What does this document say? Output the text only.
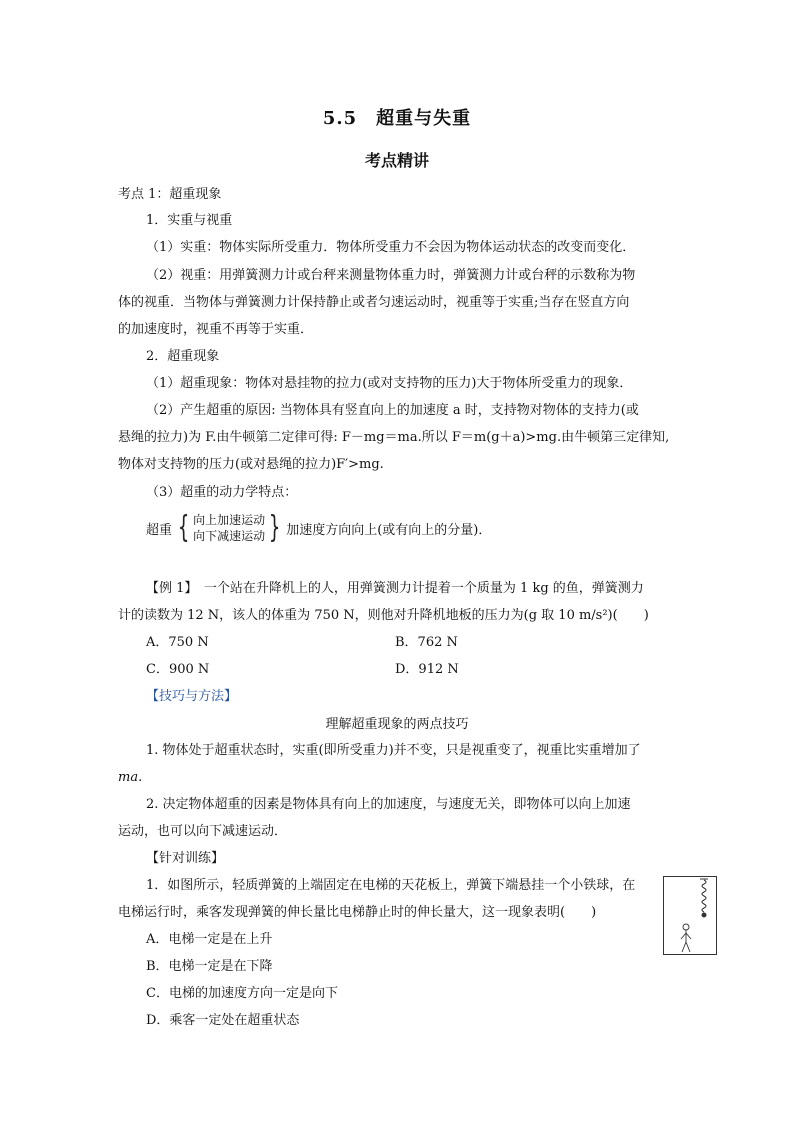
5.5　超重与失重
考点精讲
考点 1：超重现象
1．实重与视重
（1）实重：物体实际所受重力．物体所受重力不会因为物体运动状态的改变而变化．
（2）视重：用弹簧测力计或台秤来测量物体重力时，弹簧测力计或台秤的示数称为物
体的视重．当物体与弹簧测力计保持静止或者匀速运动时，视重等于实重;当存在竖直方向
的加速度时，视重不再等于实重．
2．超重现象
（1）超重现象：物体对悬挂物的拉力(或对支持物的压力)大于物体所受重力的现象．
（2）产生超重的原因: 当物体具有竖直向上的加速度 a 时，支持物对物体的支持力(或
悬绳的拉力)为 F.由牛顿第二定律可得: F－mg＝ma.所以 F＝m(g＋a)>mg.由牛顿第三定律知,
物体对支持物的压力(或对悬绳的拉力)F′>mg.
（3）超重的动力学特点：
超重 { 向上加速运动
向下减速运动 } 加速度方向向上(或有向上的分量)．
【例 1】　一个站在升降机上的人，用弹簧测力计提着一个质量为 1 kg 的鱼，弹簧测力
计的读数为 12 N，该人的体重为 750 N，则他对升降机地板的压力为(g 取 10 m/s²)(　　)
A．750 N	B．762 N
C．900 N	D．912 N
【技巧与方法】
理解超重现象的两点技巧
1. 物体处于超重状态时，实重(即所受重力)并不变，只是视重变了，视重比实重增加了
ma.
2. 决定物体超重的因素是物体具有向上的加速度，与速度无关，即物体可以向上加速
运动，也可以向下减速运动．
【针对训练】
1．如图所示，轻质弹簧的上端固定在电梯的天花板上，弹簧下端悬挂一个小铁球，在
电梯运行时，乘客发现弹簧的伸长量比电梯静止时的伸长量大，这一现象表明(　　)
A．电梯一定是在上升
B．电梯一定是在下降
C．电梯的加速度方向一定是向下
D．乘客一定处在超重状态
